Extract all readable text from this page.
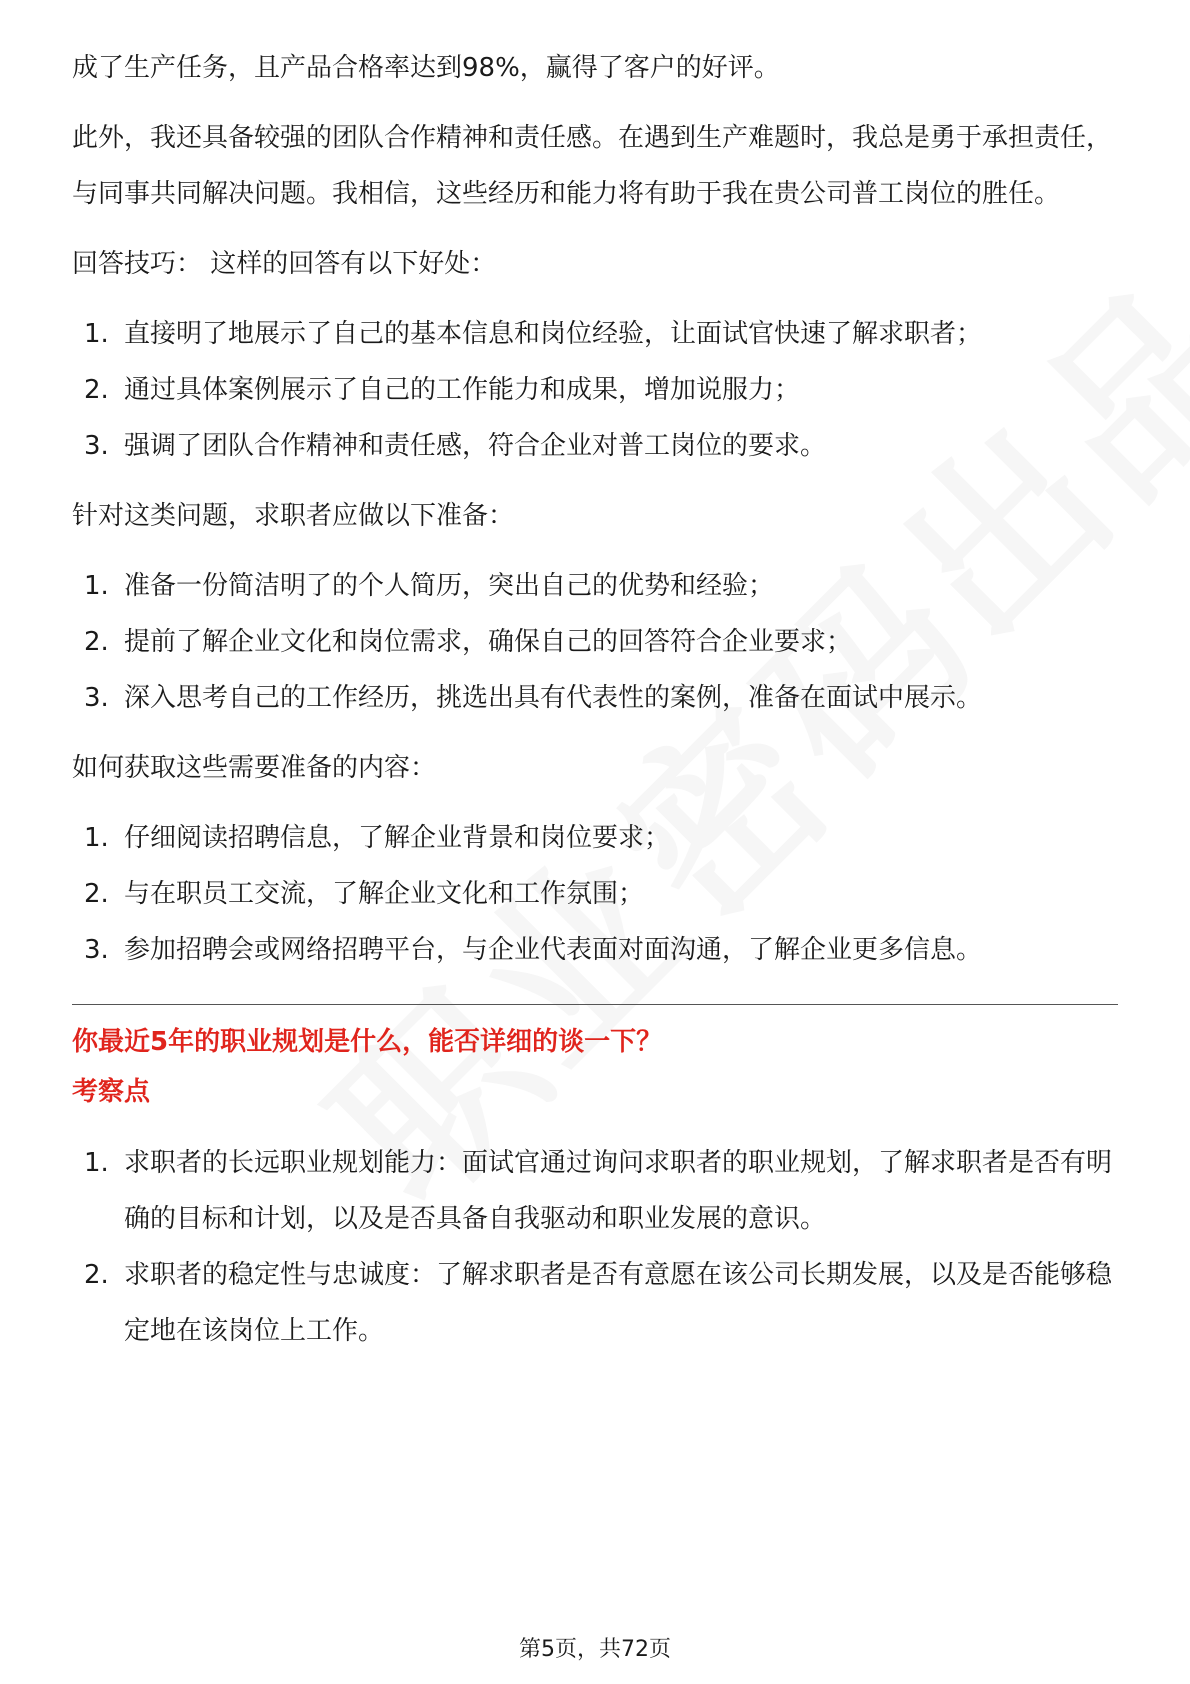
成了生产任务，且产品合格率达到98%，赢得了客户的好评。

此外，我还具备较强的团队合作精神和责任感。在遇到生产难题时，我总是勇于承担责任，与同事共同解决问题。我相信，这些经历和能力将有助于我在贵公司普工岗位的胜任。

回答技巧： 这样的回答有以下好处：

1. 直接明了地展示了自己的基本信息和岗位经验，让面试官快速了解求职者；
2. 通过具体案例展示了自己的工作能力和成果，增加说服力；
3. 强调了团队合作精神和责任感，符合企业对普工岗位的要求。

针对这类问题，求职者应做以下准备：

1. 准备一份简洁明了的个人简历，突出自己的优势和经验；
2. 提前了解企业文化和岗位需求，确保自己的回答符合企业要求；
3. 深入思考自己的工作经历，挑选出具有代表性的案例，准备在面试中展示。

如何获取这些需要准备的内容：

1. 仔细阅读招聘信息，了解企业背景和岗位要求；
2. 与在职员工交流，了解企业文化和工作氛围；
3. 参加招聘会或网络招聘平台，与企业代表面对面沟通，了解企业更多信息。

你最近5年的职业规划是什么，能否详细的谈一下？

考察点

1. 求职者的长远职业规划能力：面试官通过询问求职者的职业规划，了解求职者是否有明确的目标和计划，以及是否具备自我驱动和职业发展的意识。
2. 求职者的稳定性与忠诚度：了解求职者是否有意愿在该公司长期发展，以及是否能够稳定地在该岗位上工作。
第5页，共72页
